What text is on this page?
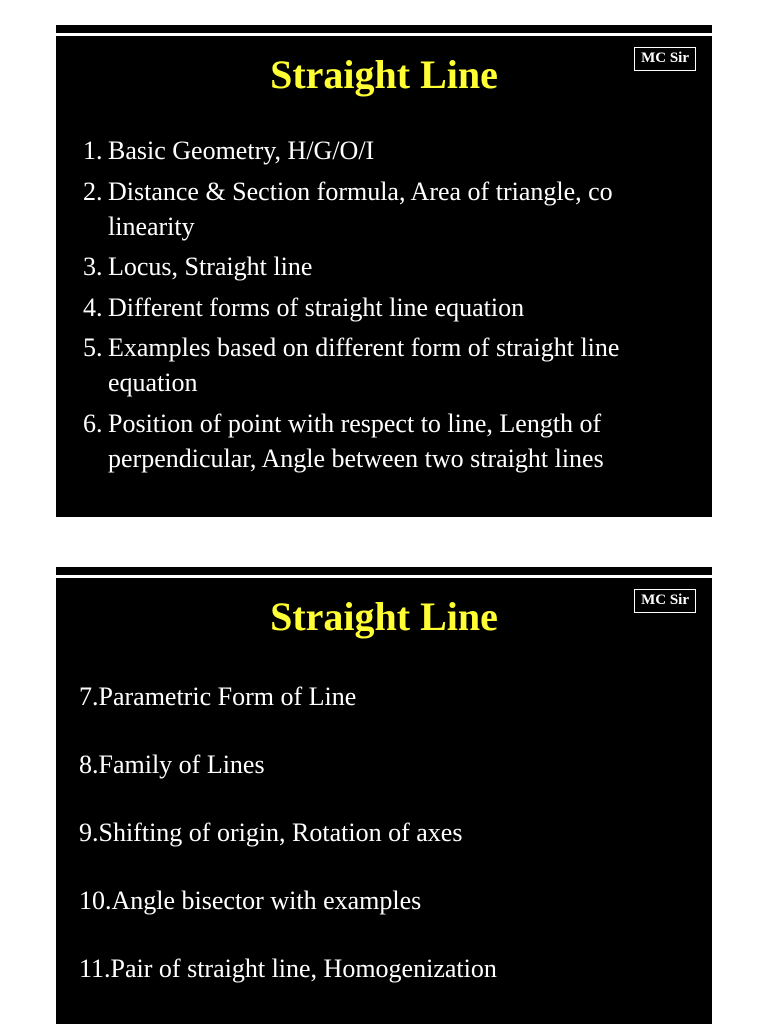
MC Sir
Straight Line
1. Basic Geometry, H/G/O/I
2. Distance & Section formula, Area of triangle, co linearity
3. Locus, Straight line
4. Different forms of straight line equation
5. Examples based on different form of straight line equation
6. Position of point with respect to line, Length of perpendicular, Angle between two straight lines
MC Sir
Straight Line
7.Parametric Form of Line
8.Family of Lines
9.Shifting of origin, Rotation of axes
10.Angle bisector with examples
11.Pair of straight line, Homogenization
